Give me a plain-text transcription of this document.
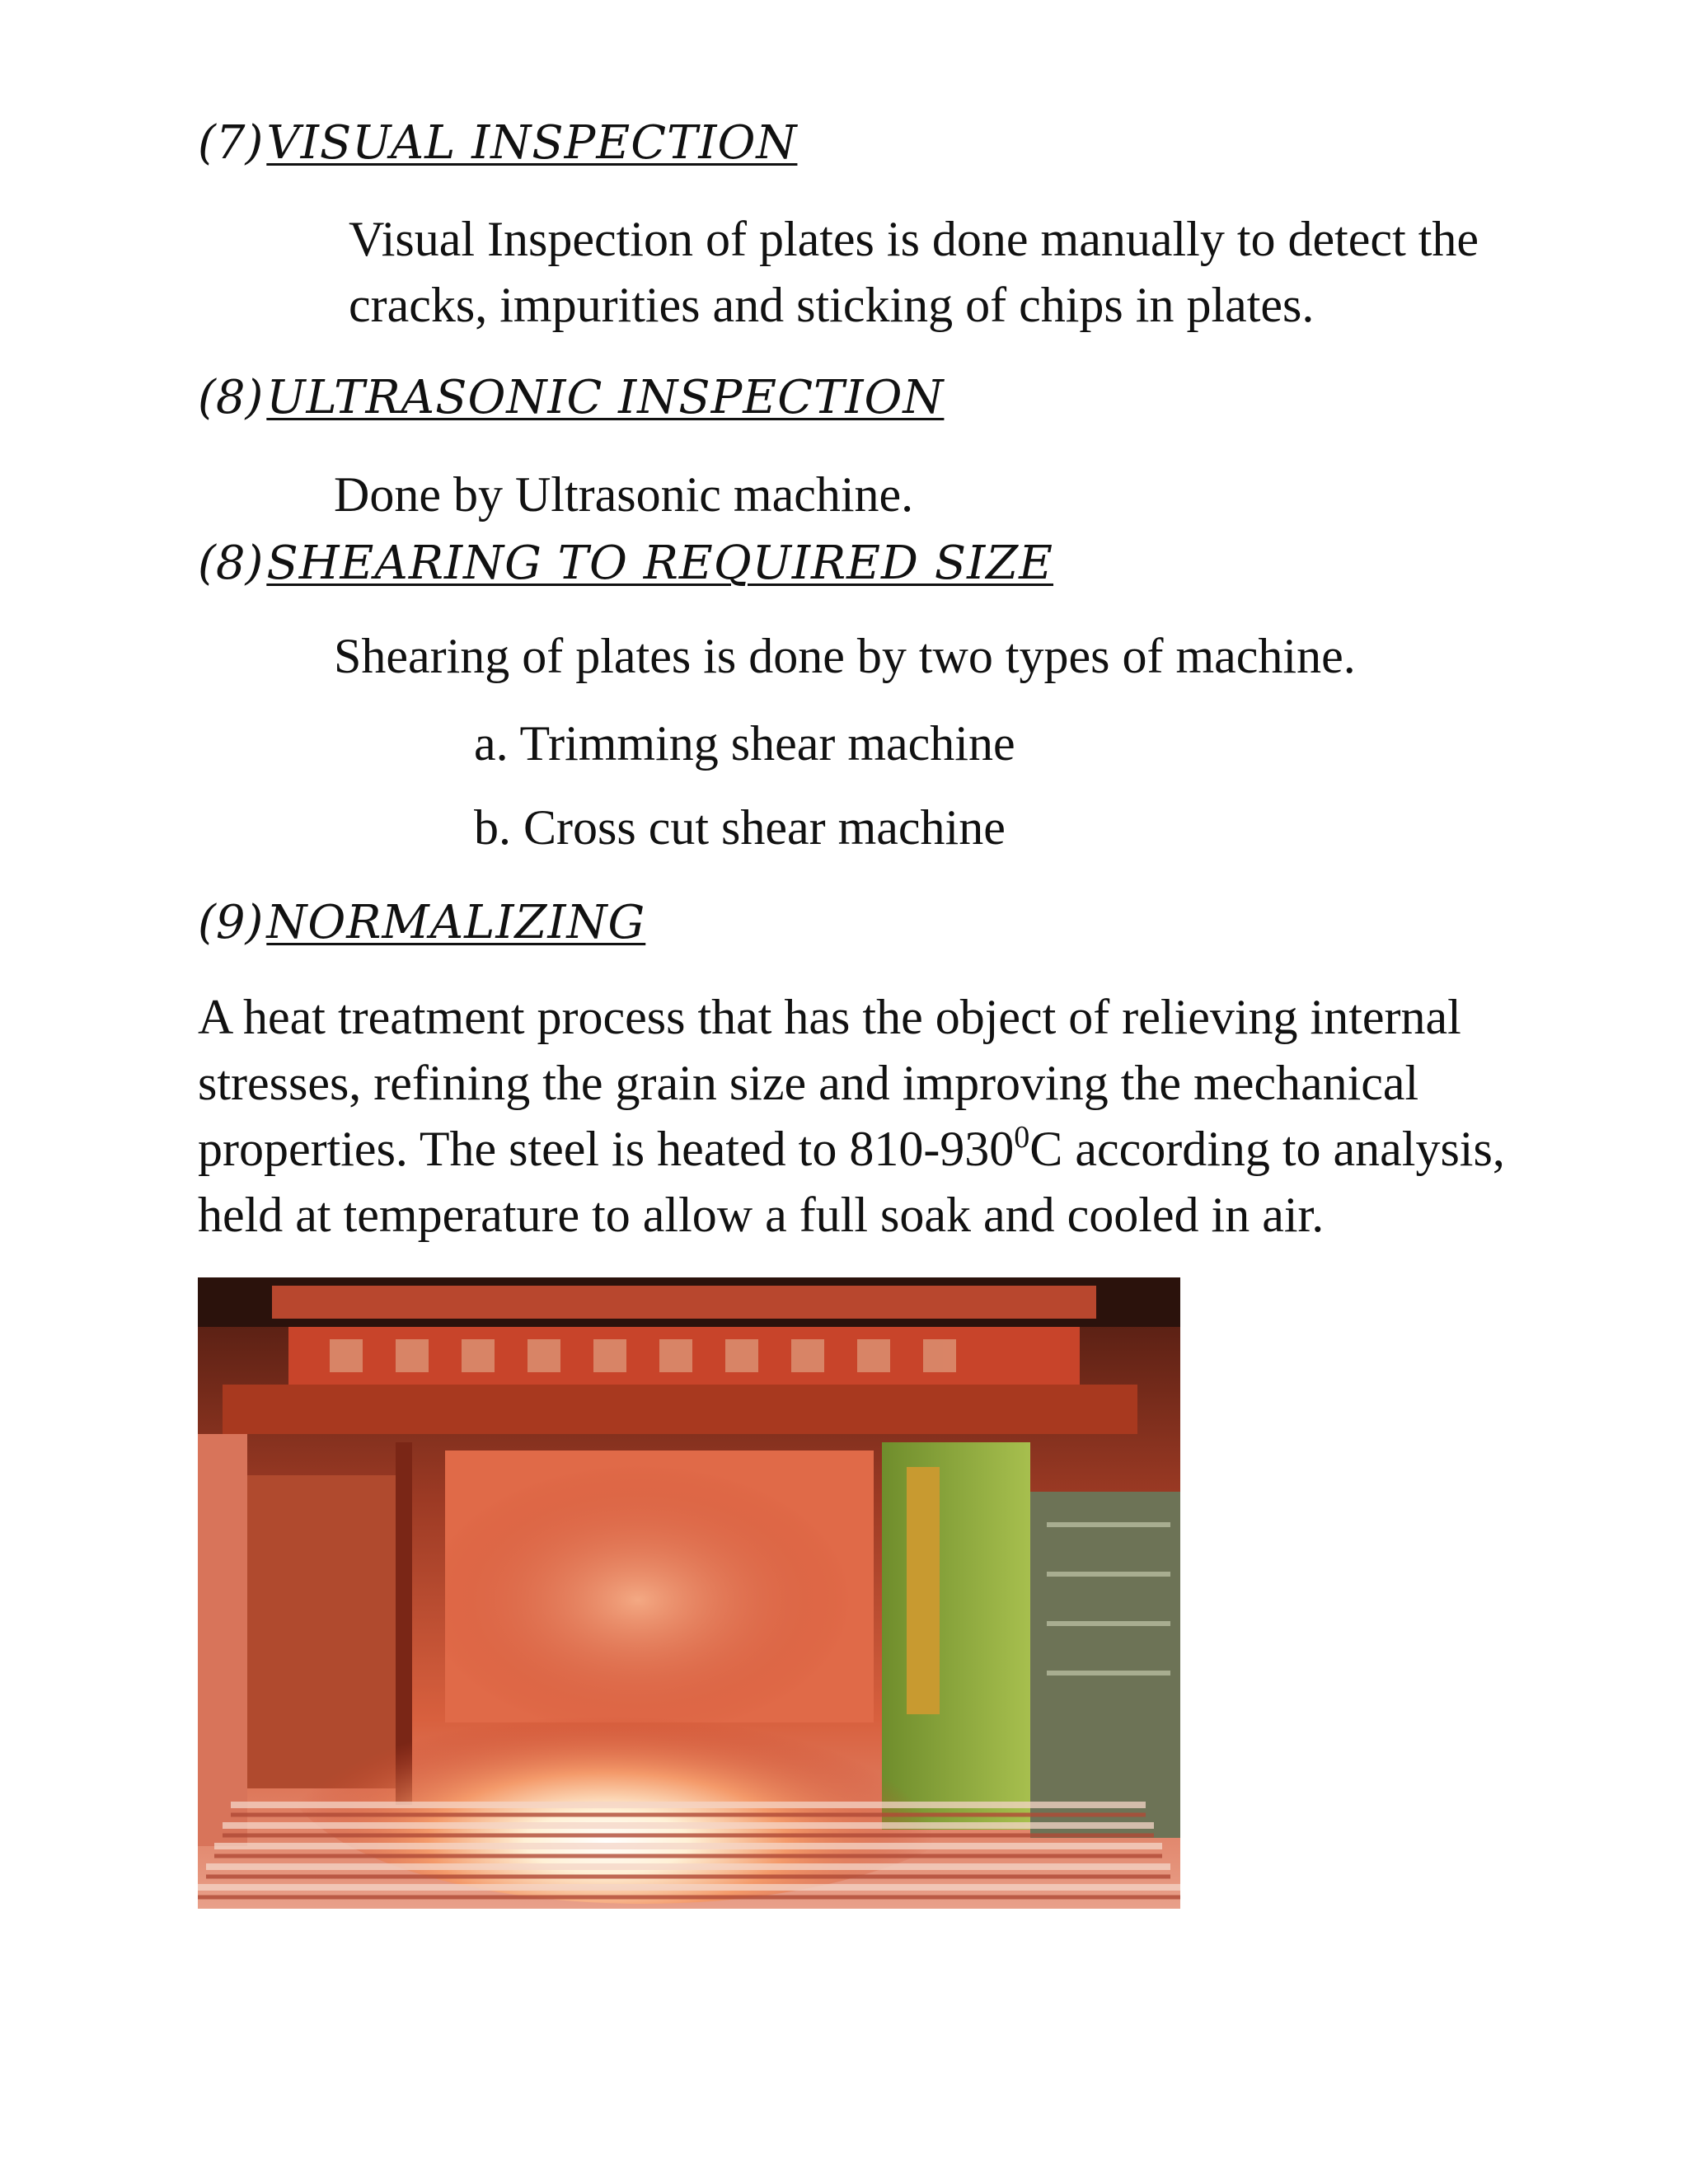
(7)VISUAL INSPECTION
Visual Inspection of plates is done manually to detect the
cracks, impurities and sticking of chips in plates.
(8)ULTRASONIC INSPECTION
Done by Ultrasonic machine.
(8)SHEARING TO REQUIRED SIZE
Shearing of plates is done by two types of machine.
a. Trimming shear machine
b. Cross cut shear machine
(9)NORMALIZING
A heat treatment process that has the object of relieving internal
stresses, refining the grain size and improving the mechanical
properties. The steel is heated to $810-930^0C$ according to analysis,
held at temperature to allow a full soak and cooled in air.
